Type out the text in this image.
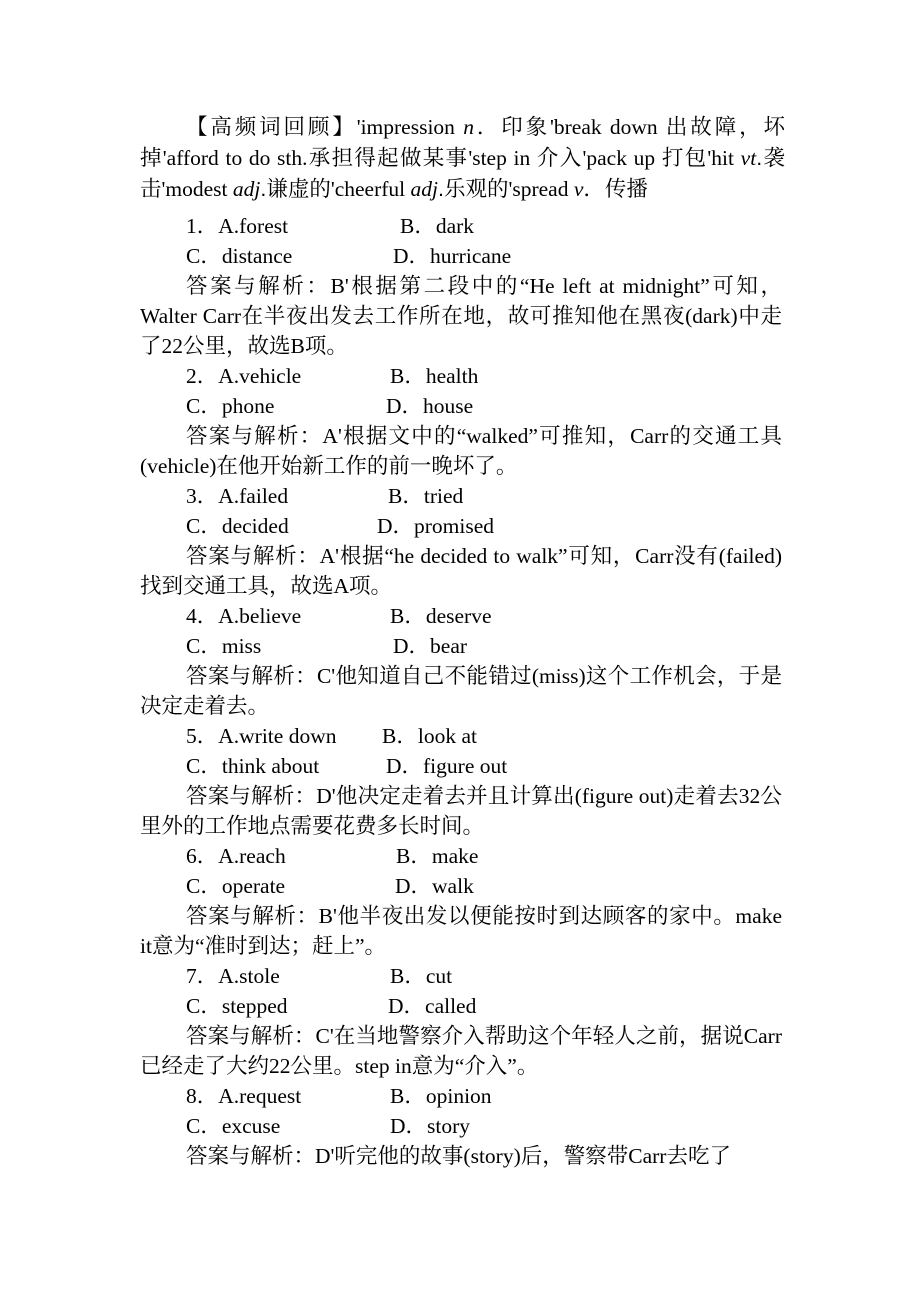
【高频词回顾】'impression n．印象'break down 出故障，坏掉'afford to do sth.承担得起做某事'step in 介入'pack up 打包'hit vt.袭击'modest adj.谦虚的'cheerful adj.乐观的'spread v．传播
1．A.forest	B．dark
C．distance	D．hurricane
答案与解析：B'根据第二段中的“He left at midnight”可知，Walter Carr在半夜出发去工作所在地，故可推知他在黑夜(dark)中走了22公里，故选B项。
2．A.vehicle	B．health
C．phone	D．house
答案与解析：A'根据文中的“walked”可推知，Carr的交通工具(vehicle)在他开始新工作的前一晚坏了。
3．A.failed	B．tried
C．decided	D．promised
答案与解析：A'根据“he decided to walk”可知，Carr没有(failed)找到交通工具，故选A项。
4．A.believe	B．deserve
C．miss	D．bear
答案与解析：C'他知道自己不能错过(miss)这个工作机会，于是决定走着去。
5．A.write down B．look at
C．think about	D．figure out
答案与解析：D'他决定走着去并且计算出(figure out)走着去32公里外的工作地点需要花费多长时间。
6．A.reach	B．make
C．operate	D．walk
答案与解析：B'他半夜出发以便能按时到达顾客的家中。make it意为“准时到达；赶上”。
7．A.stole	B．cut
C．stepped	D．called
答案与解析：C'在当地警察介入帮助这个年轻人之前，据说Carr已经走了大约22公里。step in意为“介入”。
8．A.request	B．opinion
C．excuse	D．story
答案与解析：D'听完他的故事(story)后，警察带Carr去吃了
